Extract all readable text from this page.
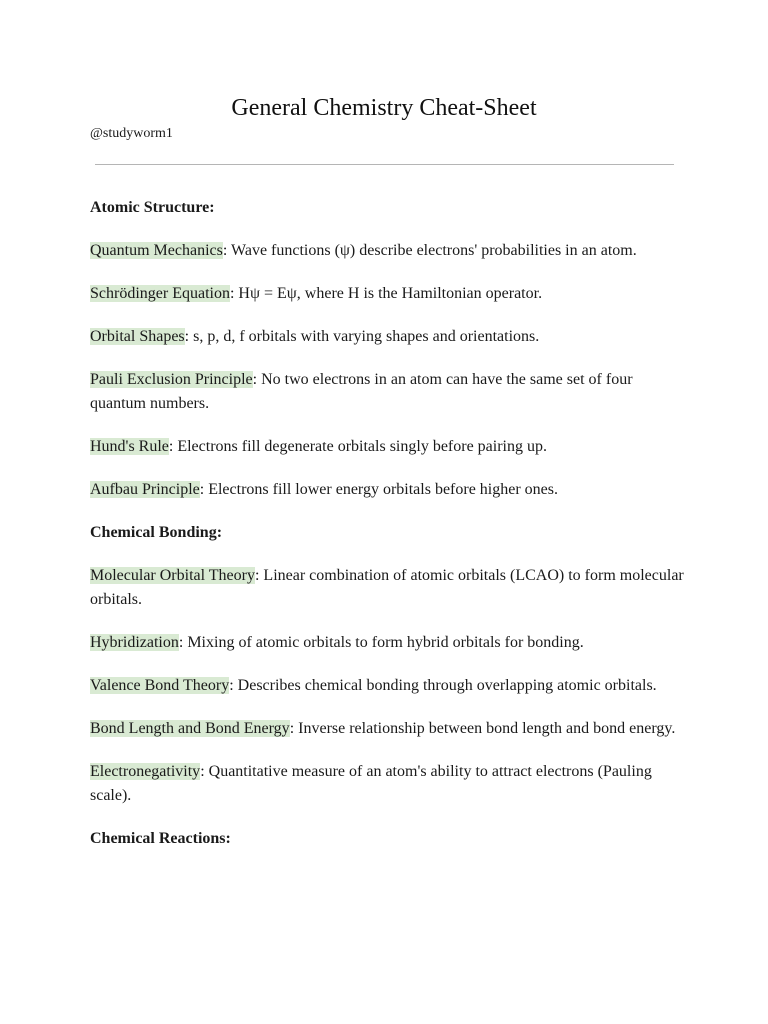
General Chemistry Cheat-Sheet
@studyworm1
Atomic Structure:

Quantum Mechanics: Wave functions (ψ) describe electrons' probabilities in an atom.

Schrödinger Equation: Hψ = Eψ, where H is the Hamiltonian operator.

Orbital Shapes: s, p, d, f orbitals with varying shapes and orientations.

Pauli Exclusion Principle: No two electrons in an atom can have the same set of four quantum numbers.

Hund's Rule: Electrons fill degenerate orbitals singly before pairing up.

Aufbau Principle: Electrons fill lower energy orbitals before higher ones.

Chemical Bonding:

Molecular Orbital Theory: Linear combination of atomic orbitals (LCAO) to form molecular orbitals.

Hybridization: Mixing of atomic orbitals to form hybrid orbitals for bonding.

Valence Bond Theory: Describes chemical bonding through overlapping atomic orbitals.

Bond Length and Bond Energy: Inverse relationship between bond length and bond energy.

Electronegativity: Quantitative measure of an atom's ability to attract electrons (Pauling scale).

Chemical Reactions:
